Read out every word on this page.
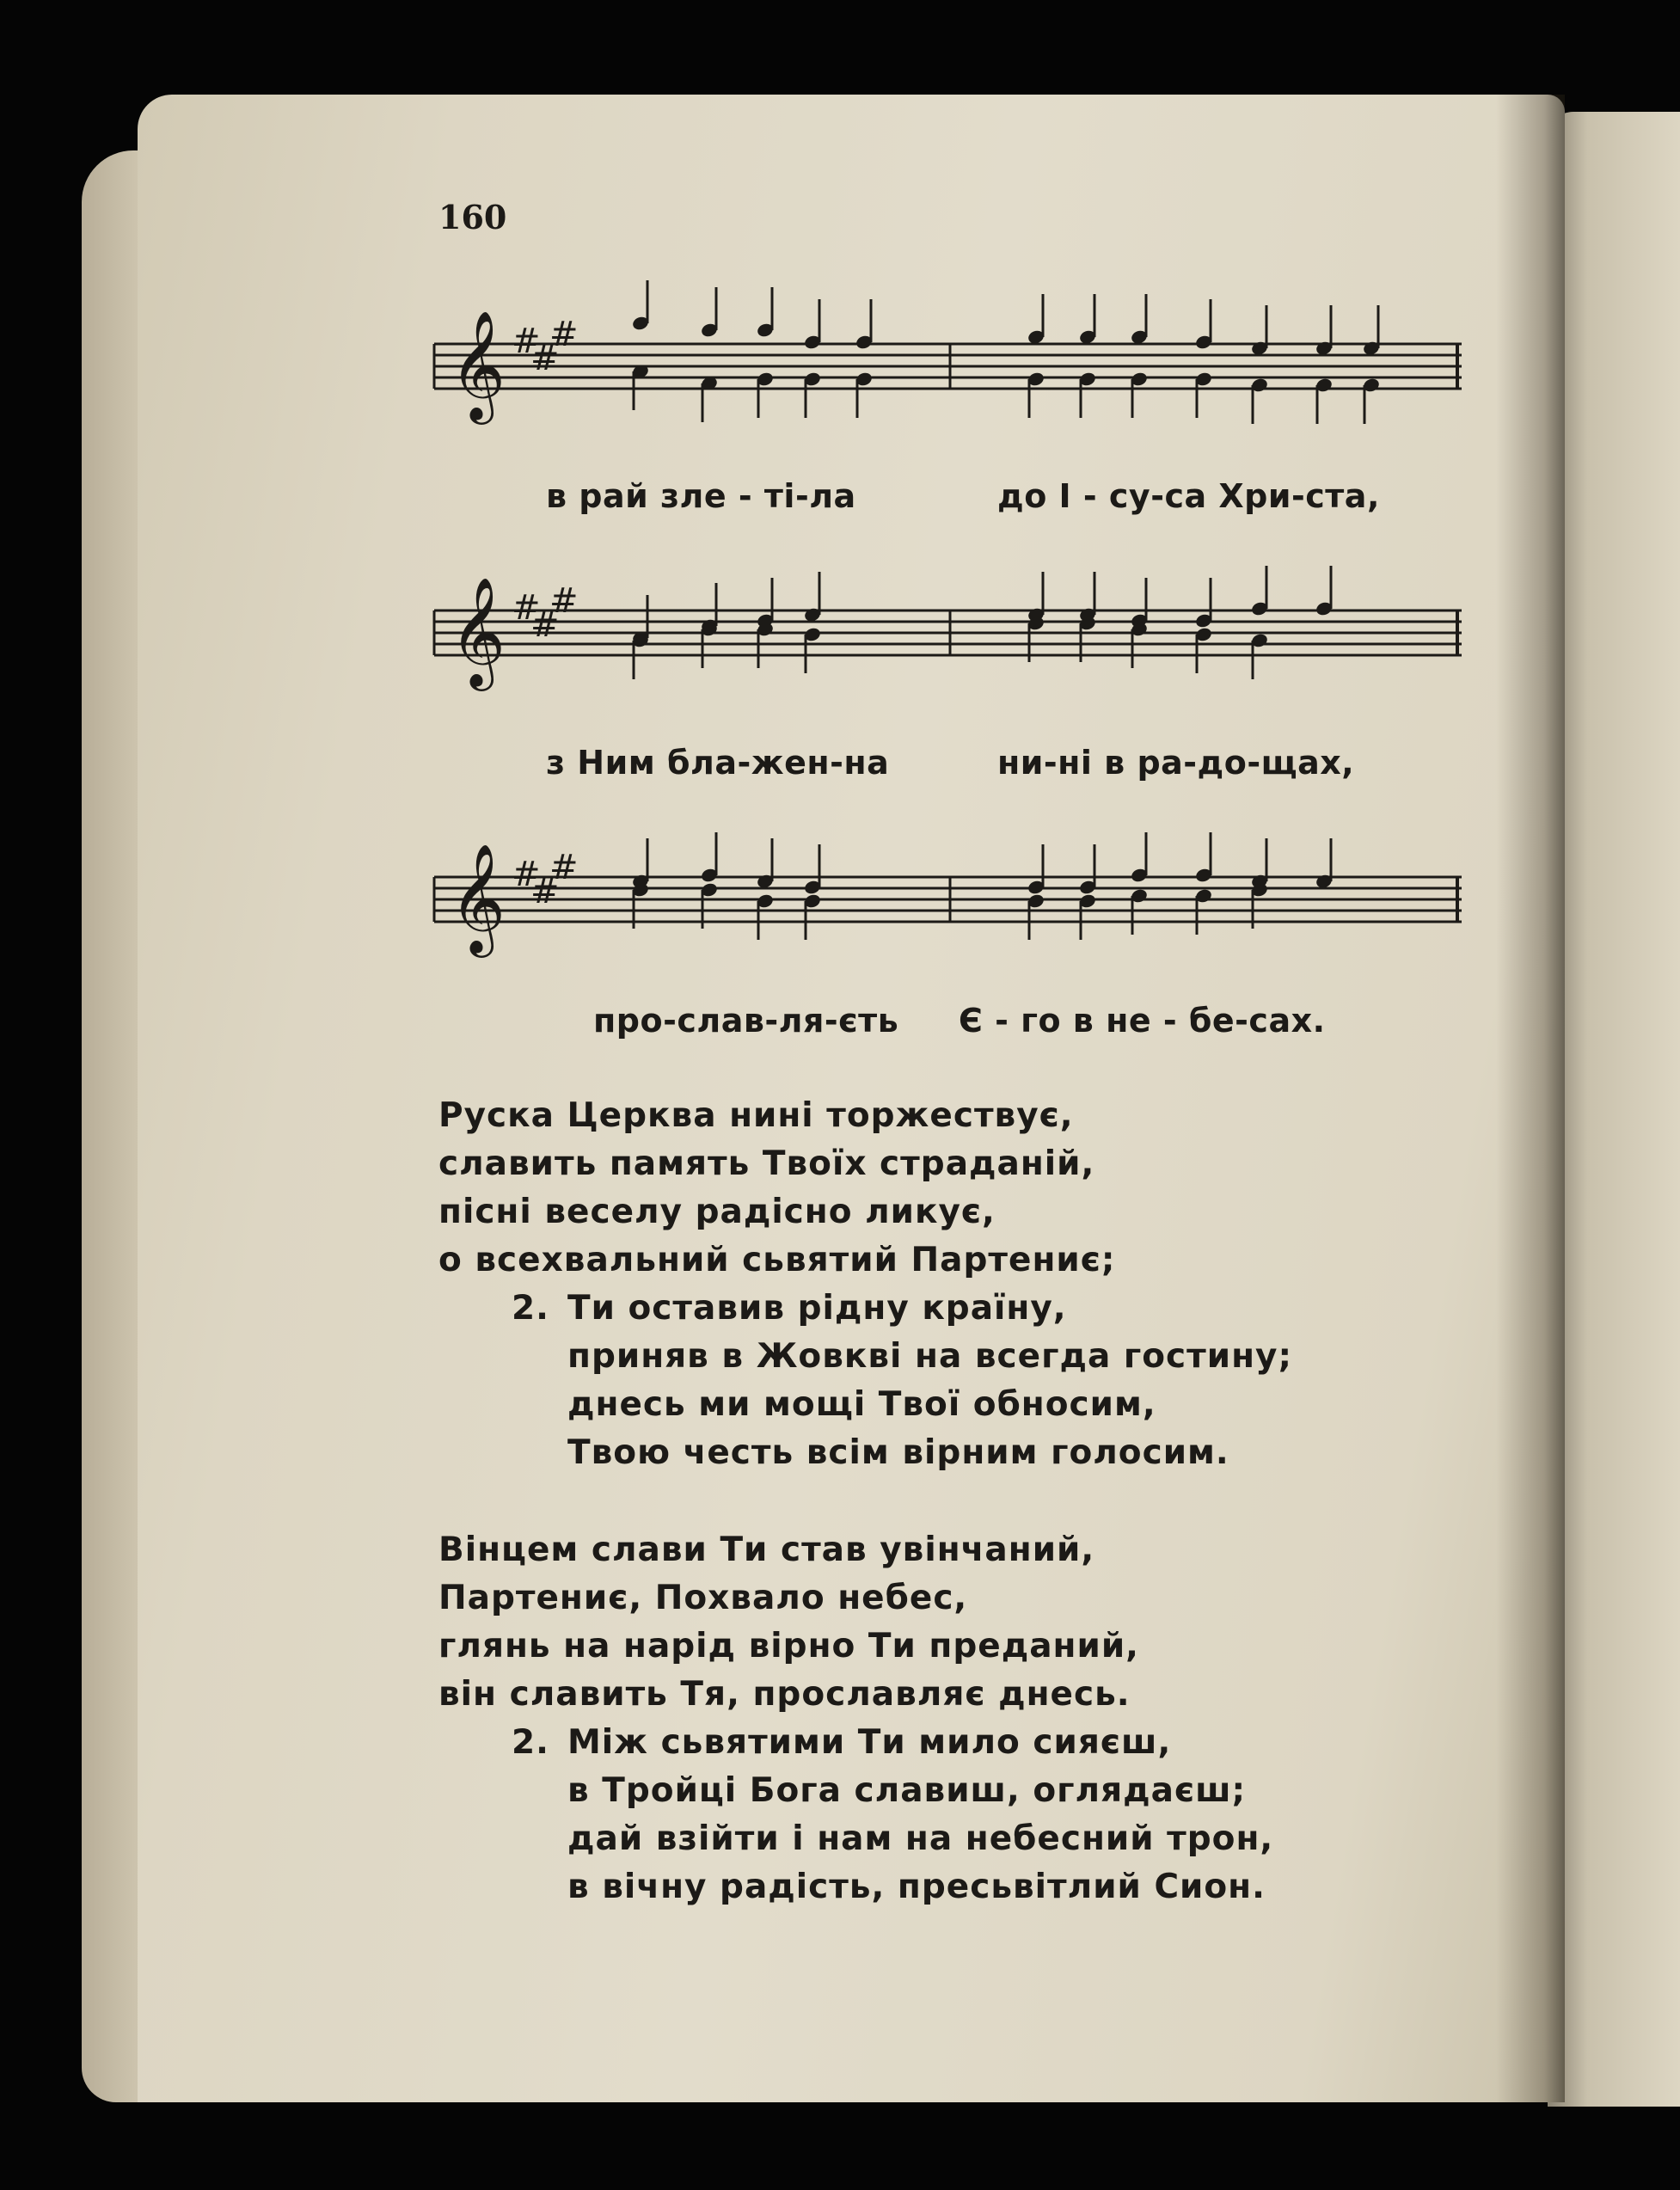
160
𝄞 #
#
#
𝄞 #
#
#
𝄞 #
#
#
в рай зле - ті-ла	до І - су-са Хри-ста,
з Ним бла-жен-на	ни-ні в ра-до-щах,
про-слав-ля-єть Є - го в не - бе-сах.
Руска Церква нині торжествує,
славить память Твоїх страданій,
пісні веселу радісно ликує,
о всехвальний сьвятий Партениє;
2. Ти оставив рідну країну,
приняв в Жовкві на всегда гостину;
днесь ми мощі Твої обносим,
Твою честь всім вірним голосим.
Вінцем слави Ти став увінчаний,
Партениє, Похвало небес,
глянь на нарід вірно Ти преданий,
він славить Тя, прославляє днесь.
2. Між сьвятими Ти мило сияєш,
в Тройці Бога славиш, оглядаєш;
дай взійти і нам на небесний трон,
в вічну радість, пресьвітлий Сион.
